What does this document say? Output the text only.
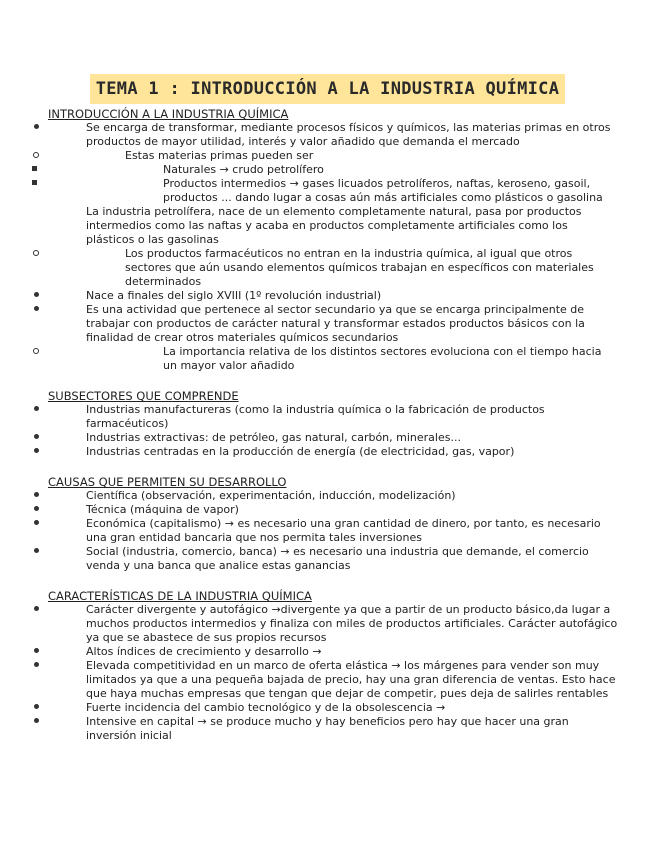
TEMA 1 : INTRODUCCIÓN A LA INDUSTRIA QUÍMICA
INTRODUCCIÓN A LA INDUSTRIA QUÍMICA
Se encarga de transformar, mediante procesos físicos y químicos, las materias primas en otros productos de mayor utilidad, interés y valor añadido que demanda el mercado
Estas materias primas pueden ser
Naturales → crudo petrolífero
Productos intermedios → gases licuados petrolíferos, naftas, keroseno, gasoil, productos ... dando lugar a cosas aún más artificiales como plásticos o gasolina
La industria petrolífera, nace de un elemento completamente natural, pasa por productos intermedios como las naftas y acaba en productos completamente artificiales como los plásticos o las gasolinas
Los productos farmacéuticos no entran en la industria química, al igual que otros sectores que aún usando elementos químicos trabajan en específicos con materiales determinados
Nace a finales del siglo XVIII (1º revolución industrial)
Es una actividad que pertenece al sector secundario ya que se encarga principalmente de trabajar con productos de carácter natural y transformar estados productos básicos con la finalidad de crear otros materiales químicos secundarios
La importancia relativa de los distintos sectores evoluciona con el tiempo hacia un mayor valor añadido
SUBSECTORES QUE COMPRENDE
Industrias manufactureras (como la industria química o la fabricación de productos farmacéuticos)
Industrias extractivas: de petróleo, gas natural, carbón, minerales...
Industrias centradas en la producción de energía (de electricidad, gas, vapor)
CAUSAS QUE PERMITEN SU DESARROLLO
Científica (observación, experimentación, inducción, modelización)
Técnica (máquina de vapor)
Económica (capitalismo) → es necesario una gran cantidad de dinero, por tanto, es necesario una gran entidad bancaria que nos permita tales inversiones
Social (industria, comercio, banca) → es necesario una industria que demande, el comercio venda y una banca que analice estas ganancias
CARACTERÍSTICAS DE LA INDUSTRIA QUÍMICA
Carácter divergente y autofágico →divergente ya que a partir de un producto básico,da lugar a muchos productos intermedios y finaliza con miles de productos artificiales. Carácter autofágico ya que se abastece de sus propios recursos
Altos índices de crecimiento y desarrollo →
Elevada competitividad en un marco de oferta elástica → los márgenes para vender son muy limitados ya que a una pequeña bajada de precio, hay una gran diferencia de ventas. Esto hace que haya muchas empresas que tengan que dejar de competir, pues deja de salirles rentables
Fuerte incidencia del cambio tecnológico y de la obsolescencia →
Intensive en capital → se produce mucho y hay beneficios pero hay que hacer una gran inversión inicial
